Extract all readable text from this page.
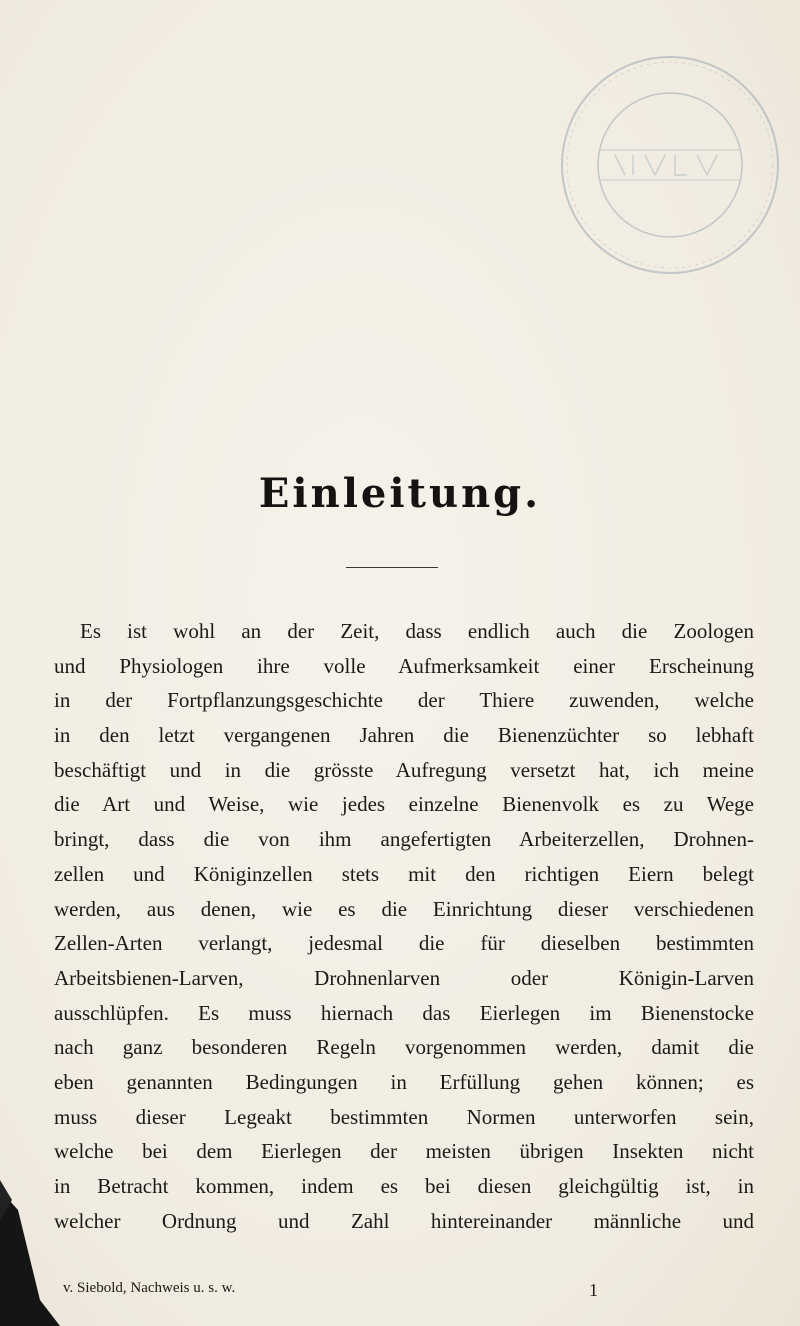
Einleitung.
Es ist wohl an der Zeit, dass endlich auch die Zoologen
und Physiologen ihre volle Aufmerksamkeit einer Erscheinung
in der Fortpflanzungsgeschichte der Thiere zuwenden, welche
in den letzt vergangenen Jahren die Bienenzüchter so lebhaft
beschäftigt und in die grösste Aufregung versetzt hat, ich meine
die Art und Weise, wie jedes einzelne Bienenvolk es zu Wege
bringt, dass die von ihm angefertigten Arbeiterzellen, Drohnen-
zellen und Königinzellen stets mit den richtigen Eiern belegt
werden, aus denen, wie es die Einrichtung dieser verschiedenen
Zellen-Arten verlangt, jedesmal die für dieselben bestimmten
Arbeitsbienen-Larven, Drohnenlarven oder Königin-Larven
ausschlüpfen. Es muss hiernach das Eierlegen im Bienenstocke
nach ganz besonderen Regeln vorgenommen werden, damit die
eben genannten Bedingungen in Erfüllung gehen können; es
muss dieser Legeakt bestimmten Normen unterworfen sein,
welche bei dem Eierlegen der meisten übrigen Insekten nicht
in Betracht kommen, indem es bei diesen gleichgültig ist, in
welcher Ordnung und Zahl hintereinander männliche und
v. Siebold, Nachweis u. s. w.	1
